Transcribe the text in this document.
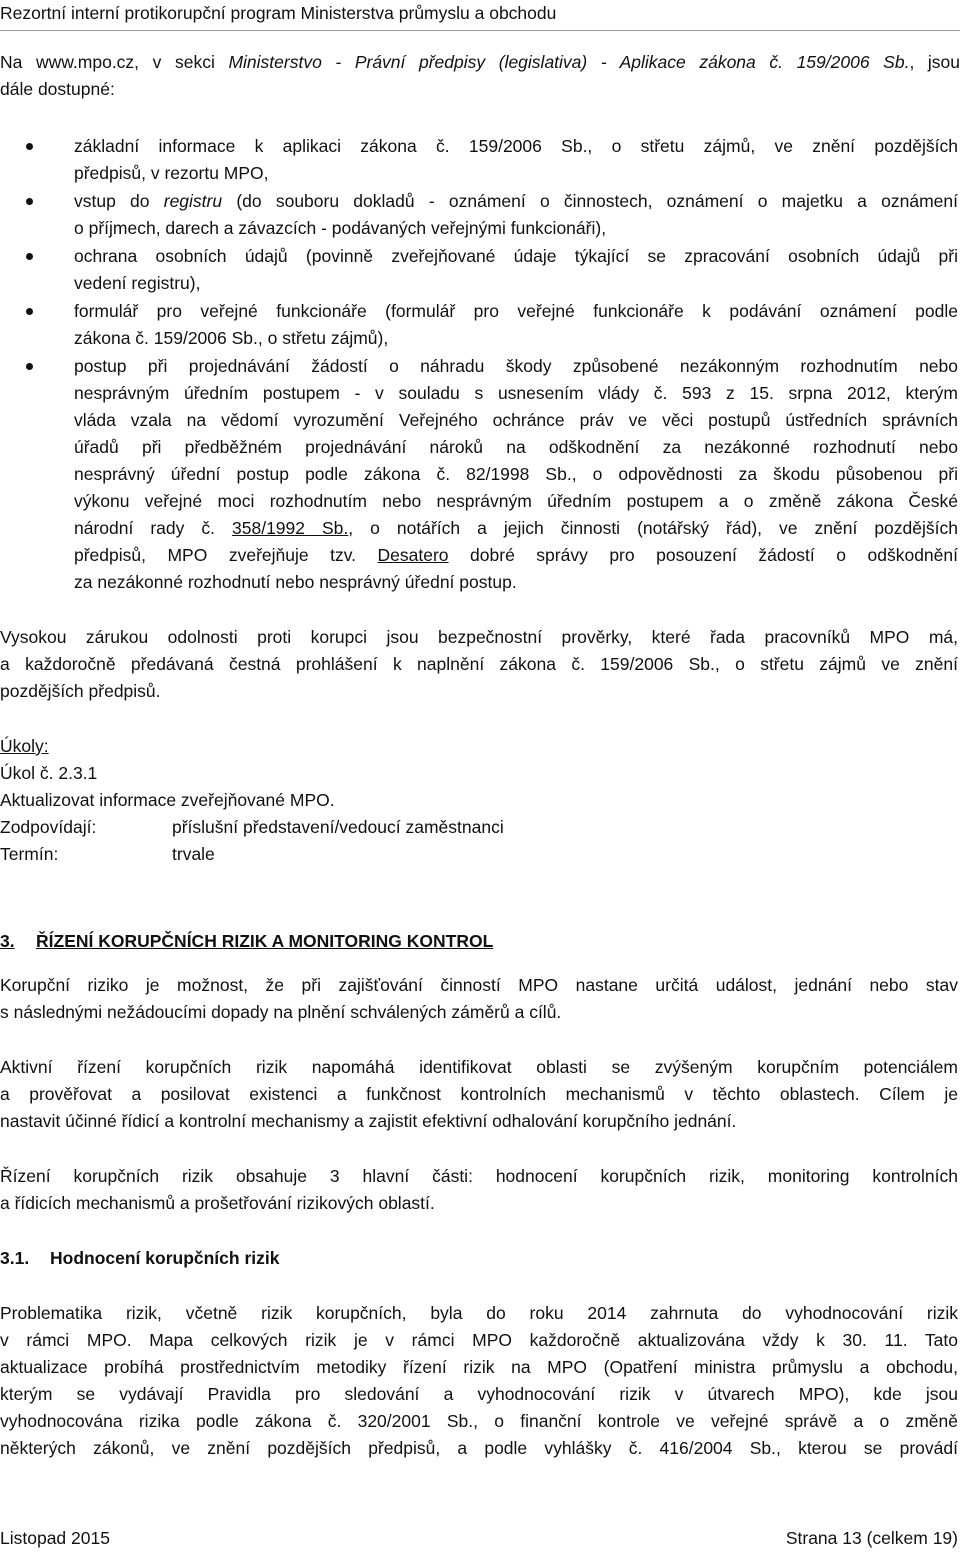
Rezortní interní protikorupční program Ministerstva průmyslu a obchodu
Na www.mpo.cz, v sekci Ministerstvo - Právní předpisy (legislativa) - Aplikace zákona č. 159/2006 Sb., jsou
dále dostupné:
základní informace k aplikaci zákona č. 159/2006 Sb., o střetu zájmů, ve znění pozdějších
předpisů, v rezortu MPO,
vstup do registru (do souboru dokladů - oznámení o činnostech, oznámení o majetku a oznámení
o příjmech, darech a závazcích - podávaných veřejnými funkcionáři),
ochrana osobních údajů (povinně zveřejňované údaje týkající se zpracování osobních údajů při
vedení registru),
formulář pro veřejné funkcionáře (formulář pro veřejné funkcionáře k podávání oznámení podle
zákona č. 159/2006 Sb., o střetu zájmů),
postup při projednávání žádostí o náhradu škody způsobené nezákonným rozhodnutím nebo
nesprávným úředním postupem - v souladu s usnesením vlády č. 593 z 15. srpna 2012, kterým
vláda vzala na vědomí vyrozumění Veřejného ochránce práv ve věci postupů ústředních správních
úřadů při předběžném projednávání nároků na odškodnění za nezákonné rozhodnutí nebo
nesprávný úřední postup podle zákona č. 82/1998 Sb., o odpovědnosti za škodu působenou při
výkonu veřejné moci rozhodnutím nebo nesprávným úředním postupem a o změně zákona České
národní rady č. 358/1992 Sb., o notářích a jejich činnosti (notářský řád), ve znění pozdějších
předpisů, MPO zveřejňuje tzv. Desatero dobré správy pro posouzení žádostí o odškodnění
za nezákonné rozhodnutí nebo nesprávný úřední postup.
Vysokou zárukou odolnosti proti korupci jsou bezpečnostní prověrky, které řada pracovníků MPO má,
a každoročně předávaná čestná prohlášení k naplnění zákona č. 159/2006 Sb., o střetu zájmů ve znění
pozdějších předpisů.
Úkoly:
Úkol č. 2.3.1
Aktualizovat informace zveřejňované MPO.
Zodpovídají:	příslušní představení/vedoucí zaměstnanci
Termín:	trvale
3. ŘÍZENÍ KORUPČNÍCH RIZIK A MONITORING KONTROL
Korupční riziko je možnost, že při zajišťování činností MPO nastane určitá událost, jednání nebo stav
s následnými nežádoucími dopady na plnění schválených záměrů a cílů.
Aktivní řízení korupčních rizik napomáhá identifikovat oblasti se zvýšeným korupčním potenciálem
a prověřovat a posilovat existenci a funkčnost kontrolních mechanismů v těchto oblastech. Cílem je
nastavit účinné řídicí a kontrolní mechanismy a zajistit efektivní odhalování korupčního jednání.
Řízení korupčních rizik obsahuje 3 hlavní části: hodnocení korupčních rizik, monitoring kontrolních
a řídicích mechanismů a prošetřování rizikových oblastí.
3.1. Hodnocení korupčních rizik
Problematika rizik, včetně rizik korupčních, byla do roku 2014 zahrnuta do vyhodnocování rizik
v rámci MPO. Mapa celkových rizik je v rámci MPO každoročně aktualizována vždy k 30. 11. Tato
aktualizace probíhá prostřednictvím metodiky řízení rizik na MPO (Opatření ministra průmyslu a obchodu,
kterým se vydávají Pravidla pro sledování a vyhodnocování rizik v útvarech MPO), kde jsou
vyhodnocována rizika podle zákona č. 320/2001 Sb., o finanční kontrole ve veřejné správě a o změně
některých zákonů, ve znění pozdějších předpisů, a podle vyhlášky č. 416/2004 Sb., kterou se provádí
Listopad 2015	Strana 13 (celkem 19)
